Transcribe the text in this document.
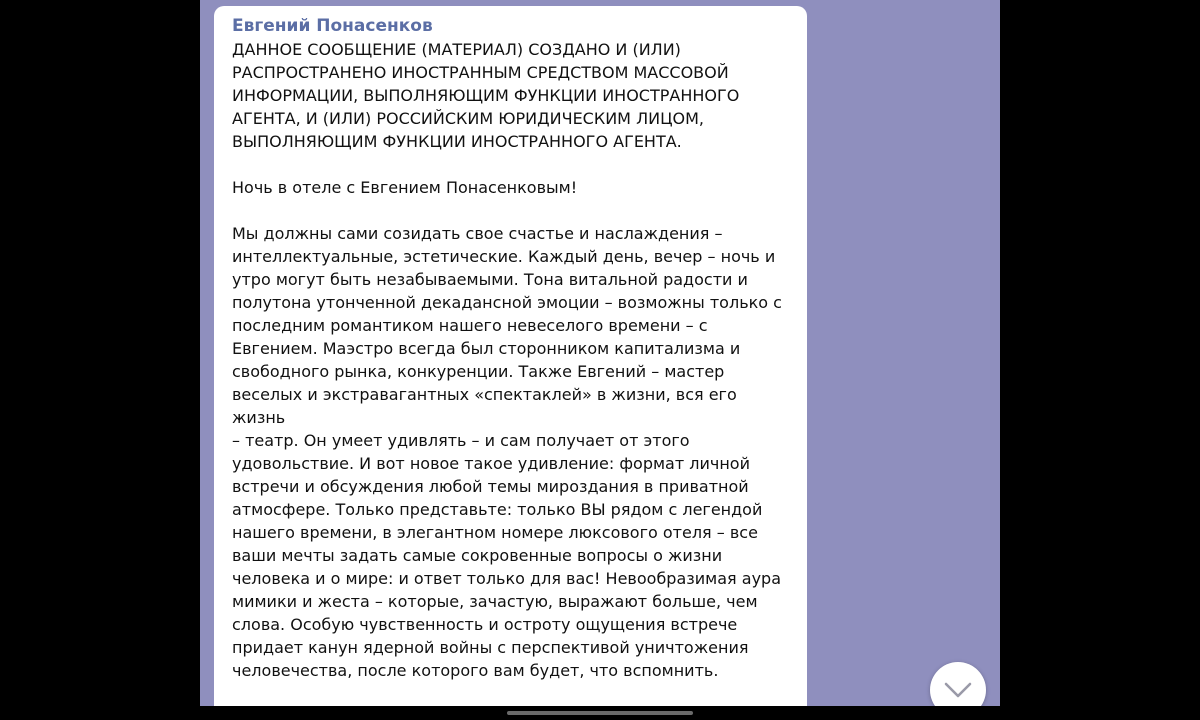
Евгений Понасенков

ДАННОЕ СООБЩЕНИЕ (МАТЕРИАЛ) СОЗДАНО И (ИЛИ)
РАСПРОСТРАНЕНО ИНОСТРАННЫМ СРЕДСТВОМ МАССОВОЙ
ИНФОРМАЦИИ, ВЫПОЛНЯЮЩИМ ФУНКЦИИ ИНОСТРАННОГО
АГЕНТА, И (ИЛИ) РОССИЙСКИМ ЮРИДИЧЕСКИМ ЛИЦОМ,
ВЫПОЛНЯЮЩИМ ФУНКЦИИ ИНОСТРАННОГО АГЕНТА.

Ночь в отеле с Евгением Понасенковым!

Мы должны сами созидать свое счастье и наслаждения –
интеллектуальные, эстетические. Каждый день, вечер – ночь и
утро могут быть незабываемыми. Тона витальной радости и
полутона утонченной декадансной эмоции – возможны только с
последним романтиком нашего невеселого времени – с
Евгением. Маэстро всегда был сторонником капитализма и
свободного рынка, конкуренции. Также Евгений – мастер
веселых и экстравагантных «спектаклей» в жизни, вся его жизнь
– театр. Он умеет удивлять – и сам получает от этого
удовольствие. И вот новое такое удивление: формат личной
встречи и обсуждения любой темы мироздания в приватной
атмосфере. Только представьте: только ВЫ рядом с легендой
нашего времени, в элегантном номере люксового отеля – все
ваши мечты задать самые сокровенные вопросы о жизни
человека и о мире: и ответ только для вас! Невообразимая аура
мимики и жеста – которые, зачастую, выражают больше, чем
слова. Особую чувственность и остроту ощущения встрече
придает канун ядерной войны с перспективой уничтожения
человечества, после которого вам будет, что вспомнить.
